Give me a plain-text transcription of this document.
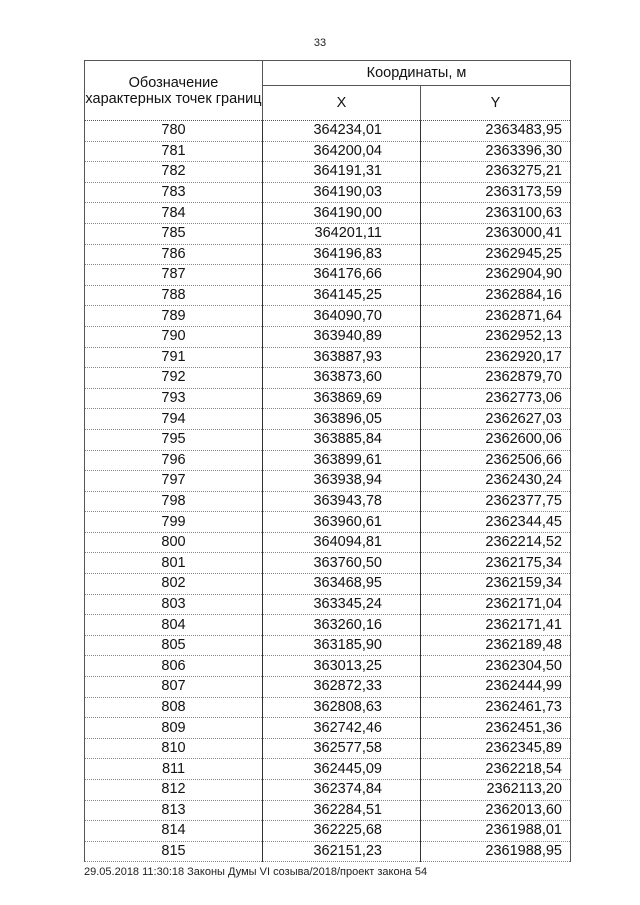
33
Обозначение характерных точек границ	Координаты, м	
	X	Y
780	364234,01	2363483,95
781	364200,04	2363396,30
782	364191,31	2363275,21
783	364190,03	2363173,59
784	364190,00	2363100,63
785	364201,11	2363000,41
786	364196,83	2362945,25
787	364176,66	2362904,90
788	364145,25	2362884,16
789	364090,70	2362871,64
790	363940,89	2362952,13
791	363887,93	2362920,17
792	363873,60	2362879,70
793	363869,69	2362773,06
794	363896,05	2362627,03
795	363885,84	2362600,06
796	363899,61	2362506,66
797	363938,94	2362430,24
798	363943,78	2362377,75
799	363960,61	2362344,45
800	364094,81	2362214,52
801	363760,50	2362175,34
802	363468,95	2362159,34
803	363345,24	2362171,04
804	363260,16	2362171,41
805	363185,90	2362189,48
806	363013,25	2362304,50
807	362872,33	2362444,99
808	362808,63	2362461,73
809	362742,46	2362451,36
810	362577,58	2362345,89
811	362445,09	2362218,54
812	362374,84	2362113,20
813	362284,51	2362013,60
814	362225,68	2361988,01
815	362151,23	2361988,95
29.05.2018 11:30:18 Законы Думы VI созыва/2018/проект закона 54
